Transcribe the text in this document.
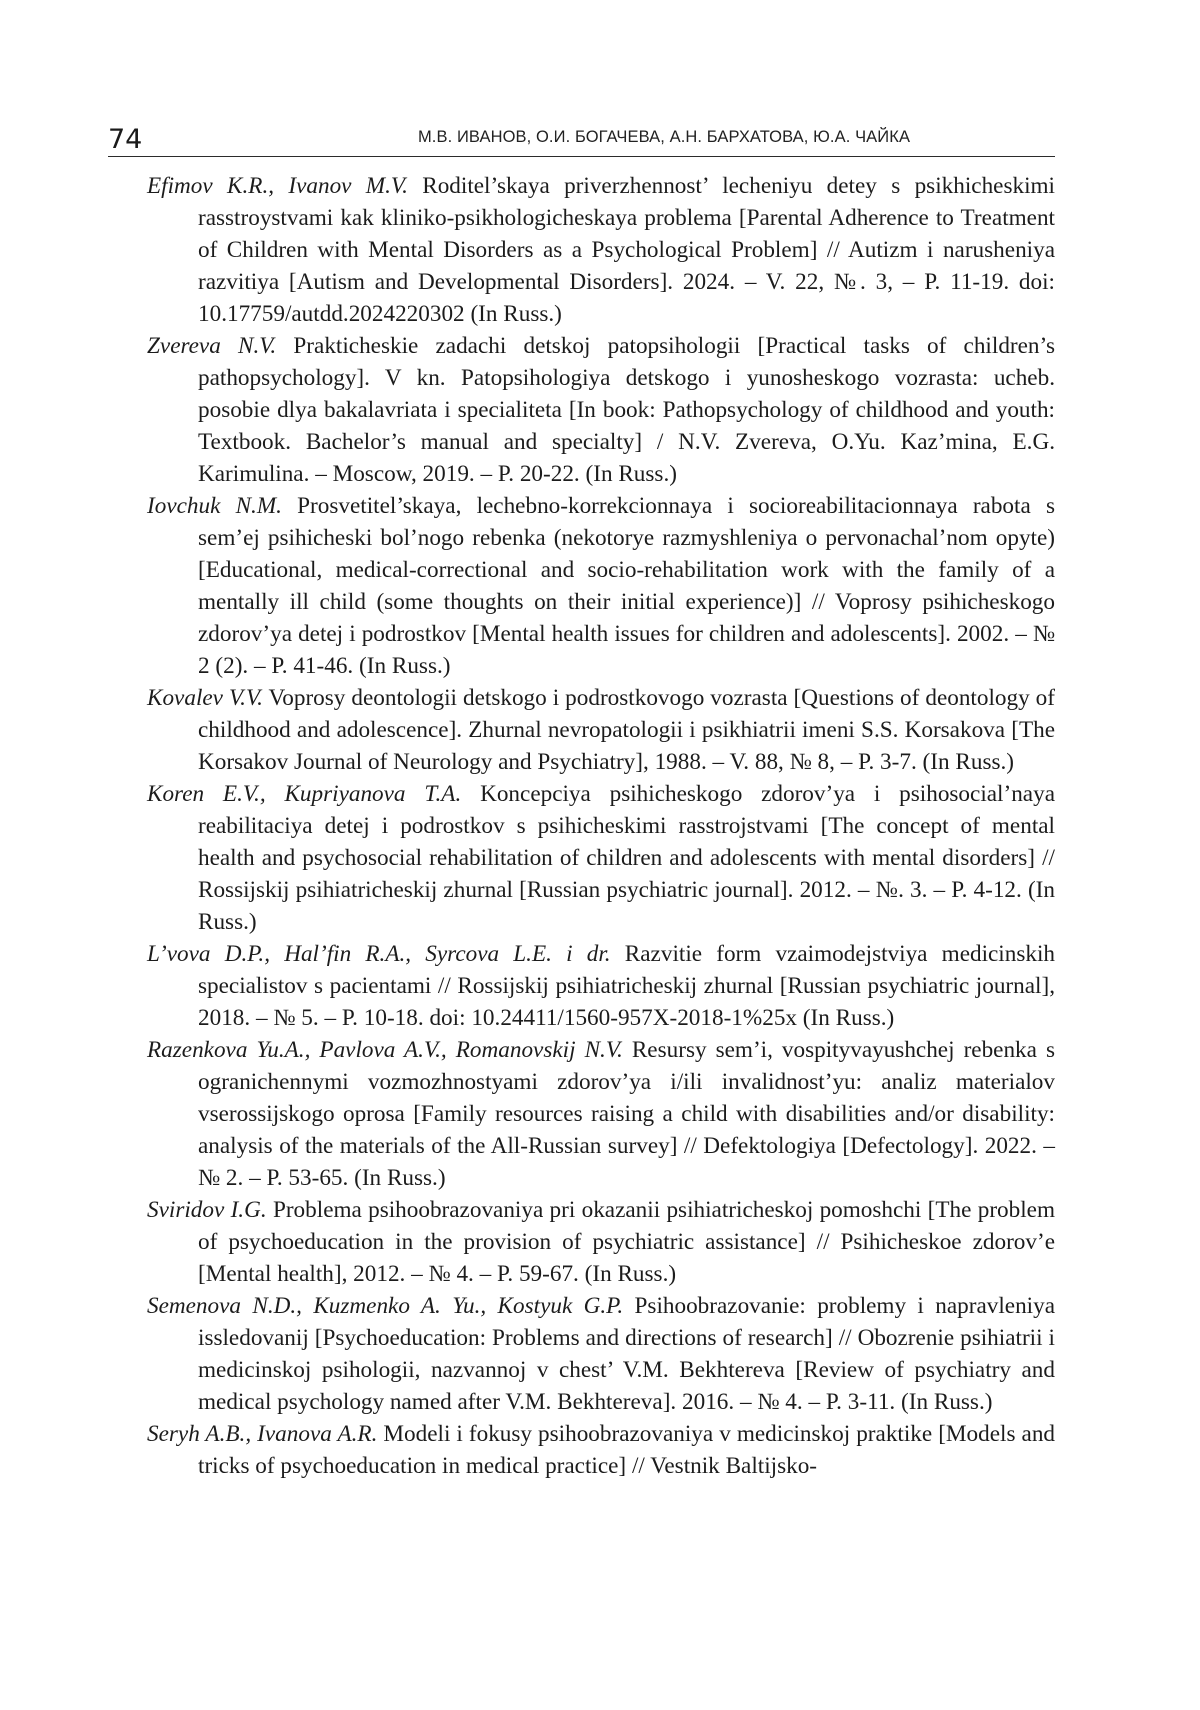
74	М.В. ИВАНОВ, О.И. БОГАЧЕВА, А.Н. БАРХАТОВА, Ю.А. ЧАЙКА
Efimov K.R., Ivanov M.V. Roditel’skaya priverzhennost’ lecheniyu detey s psikhicheskimi rasstroystvami kak kliniko-psikhologicheskaya problema [Parental Adherence to Treatment of Children with Mental Disorders as a Psychological Problem] // Autizm i narusheniya razvitiya [Autism and Developmental Disorders]. 2024. – V. 22, №. 3, – P. 11-19. doi: 10.17759/autdd.2024220302 (In Russ.)
Zvereva N.V. Prakticheskie zadachi detskoj patopsihologii [Practical tasks of children’s pathopsychology]. V kn. Patopsihologiya detskogo i yunosheskogo vozrasta: ucheb. posobie dlya bakalavriata i specialiteta [In book: Pathopsychology of childhood and youth: Textbook. Bachelor’s manual and specialty] / N.V. Zvereva, O.Yu. Kaz’mina, E.G. Karimulina. – Moscow, 2019. – P. 20-22. (In Russ.)
Iovchuk N.M. Prosvetitel’skaya, lechebno-korrekcionnaya i socioreabilitacionnaya rabota s sem’ej psihicheski bol’nogo rebenka (nekotorye razmyshleniya o pervonachal’nom opyte) [Educational, medical-correctional and socio-rehabilitation work with the family of a mentally ill child (some thoughts on their initial experience)] // Voprosy psihicheskogo zdorov’ya detej i podrostkov [Mental health issues for children and adolescents]. 2002. – № 2 (2). – P. 41-46. (In Russ.)
Kovalev V.V. Voprosy deontologii detskogo i podrostkovogo vozrasta [Questions of deontology of childhood and adolescence]. Zhurnal nevropatologii i psikhiatrii imeni S.S. Korsakova [The Korsakov Journal of Neurology and Psychiatry], 1988. – V. 88, № 8, – P. 3-7. (In Russ.)
Koren E.V., Kupriyanova T.A. Koncepciya psihicheskogo zdorov’ya i psihosocial’naya reabilitaciya detej i podrostkov s psihicheskimi rasstrojstvami [The concept of mental health and psychosocial rehabilitation of children and adolescents with mental disorders] // Rossijskij psihiatricheskij zhurnal [Russian psychiatric journal]. 2012. – №. 3. – P. 4-12. (In Russ.)
L’vova D.P., Hal’fin R.A., Syrcova L.E. i dr. Razvitie form vzaimodejstviya medicinskih specialistov s pacientami // Rossijskij psihiatricheskij zhurnal [Russian psychiatric journal], 2018. – № 5. – P. 10-18. doi: 10.24411/1560-957X-2018-1%25x (In Russ.)
Razenkova Yu.A., Pavlova A.V., Romanovskij N.V. Resursy sem’i, vospityvayushchej rebenka s ogranichennymi vozmozhnostyami zdorov’ya i/ili invalidnost’yu: analiz materialov vserossijskogo oprosa [Family resources raising a child with disabilities and/or disability: analysis of the materials of the All-Russian survey] // Defektologiya [Defectology]. 2022. – № 2. – P. 53-65. (In Russ.)
Sviridov I.G. Problema psihoobrazovaniya pri okazanii psihiatricheskoj pomoshchi [The problem of psychoeducation in the provision of psychiatric assistance] // Psihicheskoe zdorov’e [Mental health], 2012. – № 4. – P. 59-67. (In Russ.)
Semenova N.D., Kuzmenko A. Yu., Kostyuk G.P. Psihoobrazovanie: problemy i napravleniya issledovanij [Psychoeducation: Problems and directions of research] // Obozrenie psihiatrii i medicinskoj psihologii, nazvannoj v chest’ V.M. Bekhtereva [Review of psychiatry and medical psychology named after V.M. Bekhtereva]. 2016. – № 4. – P. 3-11. (In Russ.)
Seryh A.B., Ivanova A.R. Modeli i fokusy psihoobrazovaniya v medicinskoj praktike [Models and tricks of psychoeducation in medical practice] // Vestnik Baltijsko-
